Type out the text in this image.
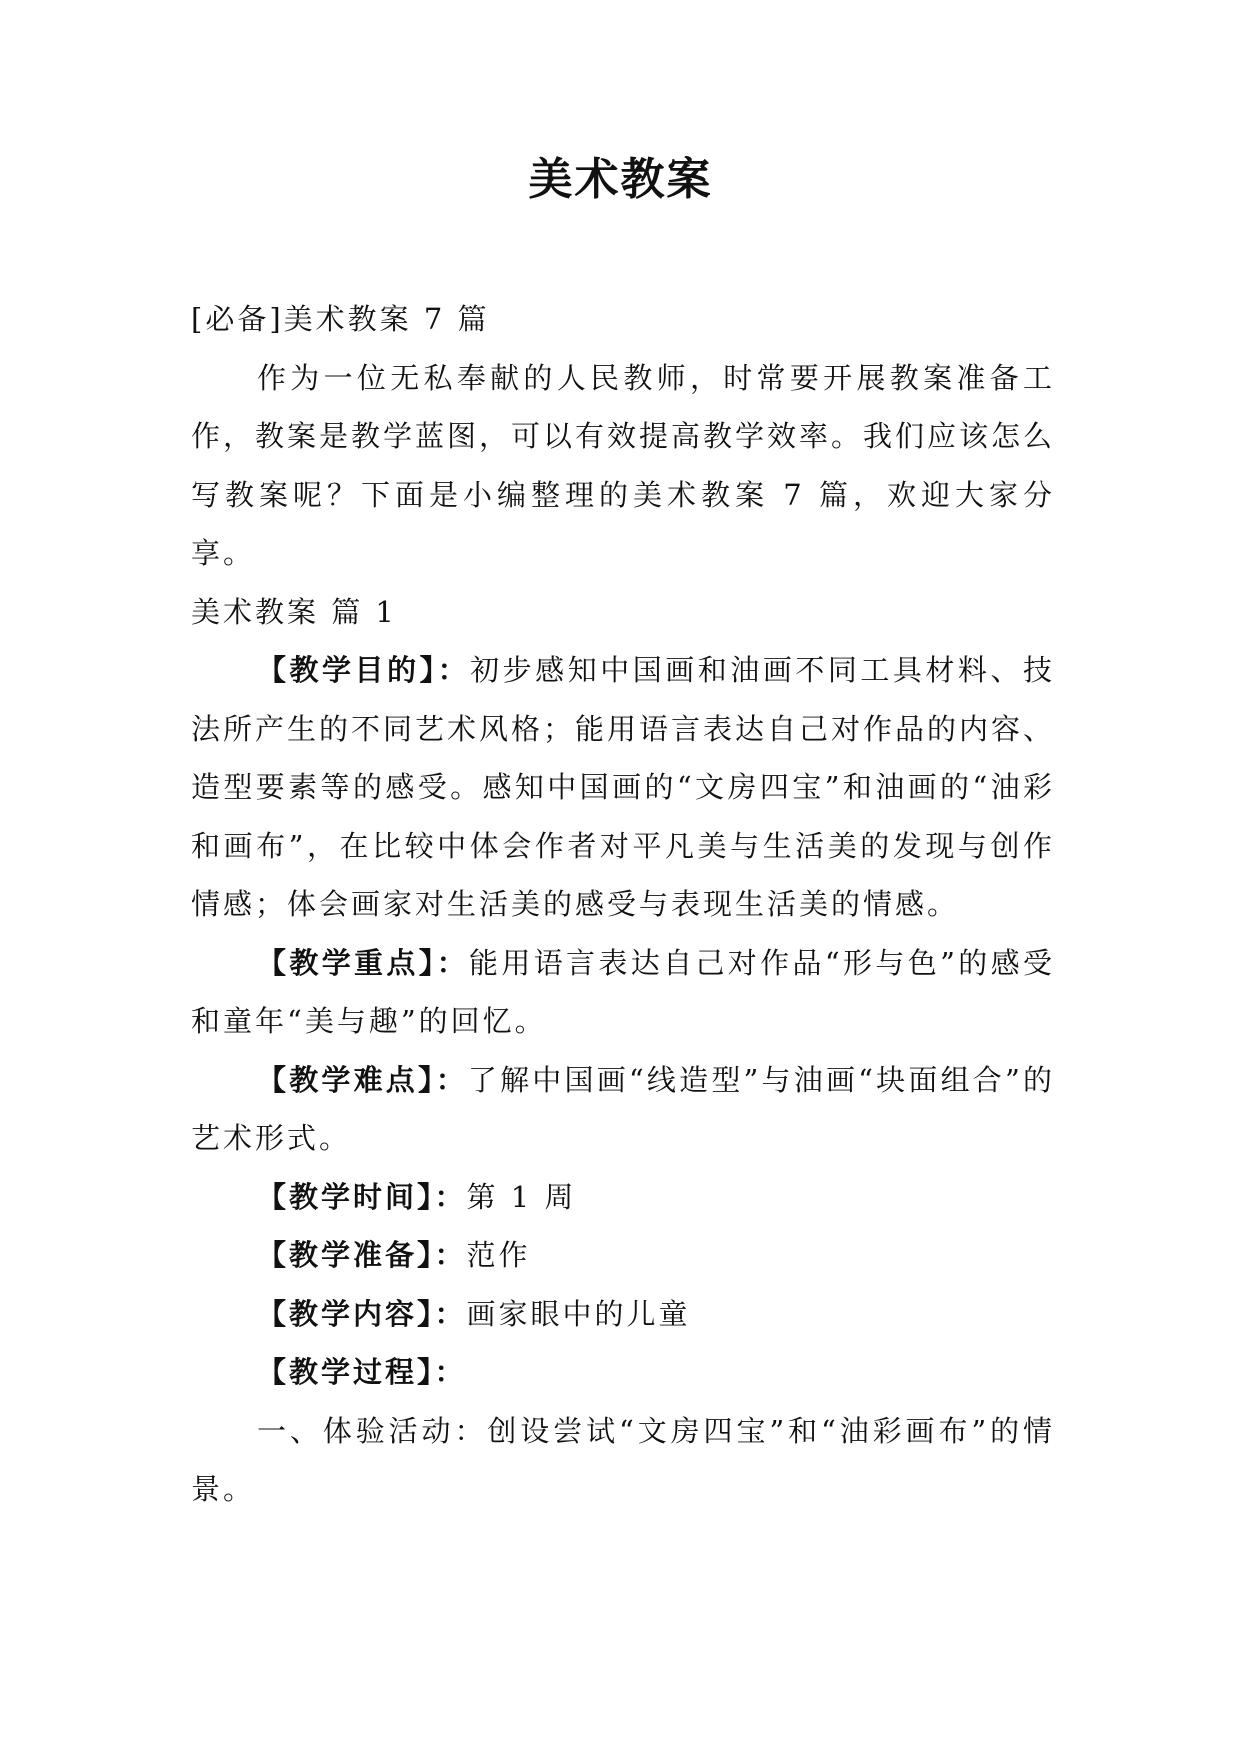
美术教案

[必备]美术教案 7 篇

作为一位无私奉献的人民教师，时常要开展教案准备工作，教案是教学蓝图，可以有效提高教学效率。我们应该怎么写教案呢？下面是小编整理的美术教案 7 篇，欢迎大家分享。

美术教案 篇 1

【教学目的】：初步感知中国画和油画不同工具材料、技法所产生的不同艺术风格；能用语言表达自己对作品的内容、造型要素等的感受。感知中国画的“文房四宝”和油画的“油彩和画布”，在比较中体会作者对平凡美与生活美的发现与创作情感；体会画家对生活美的感受与表现生活美的情感。

【教学重点】：能用语言表达自己对作品“形与色”的感受和童年“美与趣”的回忆。

【教学难点】：了解中国画“线造型”与油画“块面组合”的艺术形式。

【教学时间】：第 1 周

【教学准备】：范作

【教学内容】：画家眼中的儿童

【教学过程】：

一、体验活动：创设尝试“文房四宝”和“油彩画布”的情景。
